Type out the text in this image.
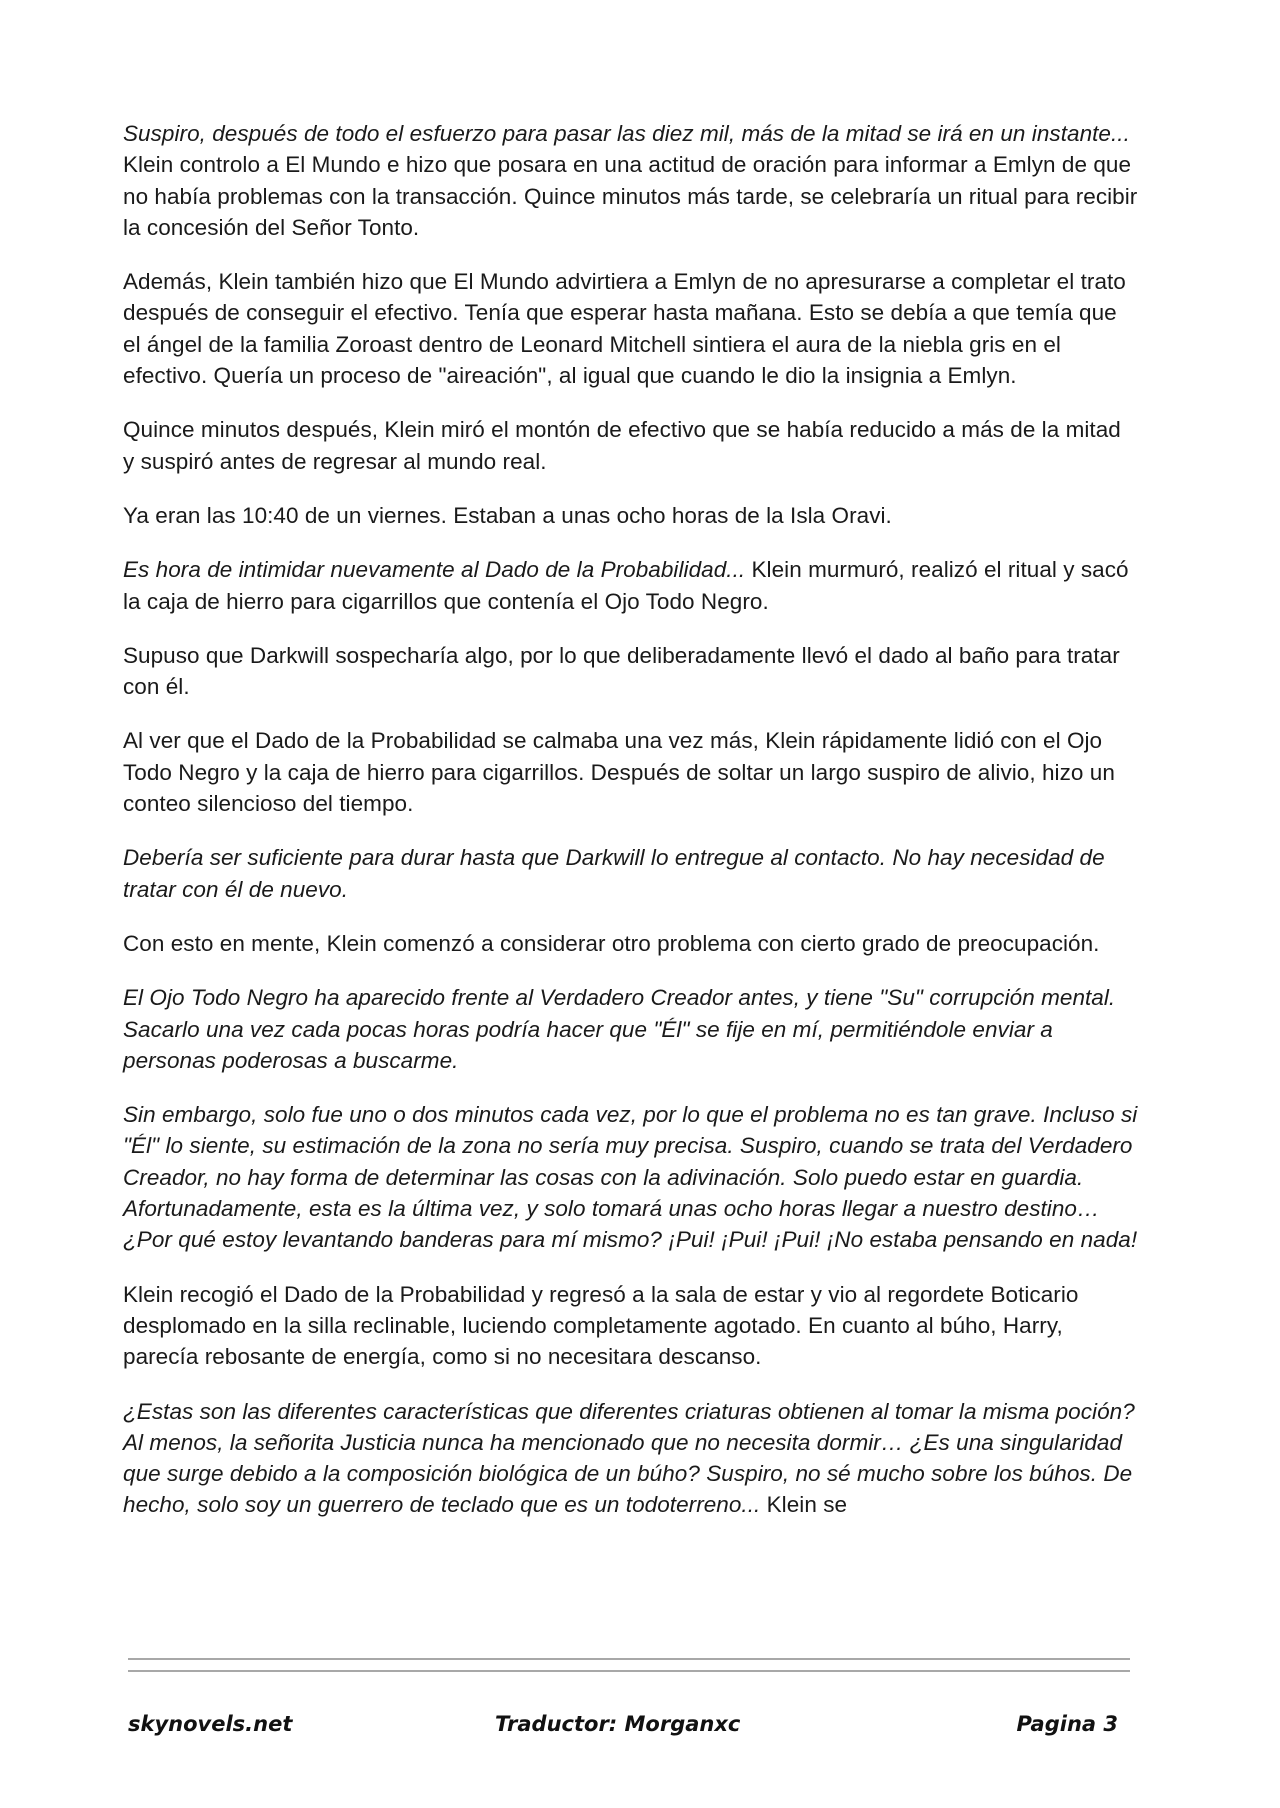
Suspiro, después de todo el esfuerzo para pasar las diez mil, más de la mitad se irá en un instante... Klein controlo a El Mundo e hizo que posara en una actitud de oración para informar a Emlyn de que no había problemas con la transacción. Quince minutos más tarde, se celebraría un ritual para recibir la concesión del Señor Tonto.

Además, Klein también hizo que El Mundo advirtiera a Emlyn de no apresurarse a completar el trato después de conseguir el efectivo. Tenía que esperar hasta mañana. Esto se debía a que temía que el ángel de la familia Zoroast dentro de Leonard Mitchell sintiera el aura de la niebla gris en el efectivo. Quería un proceso de "aireación", al igual que cuando le dio la insignia a Emlyn.

Quince minutos después, Klein miró el montón de efectivo que se había reducido a más de la mitad y suspiró antes de regresar al mundo real.

Ya eran las 10:40 de un viernes. Estaban a unas ocho horas de la Isla Oravi.

Es hora de intimidar nuevamente al Dado de la Probabilidad... Klein murmuró, realizó el ritual y sacó la caja de hierro para cigarrillos que contenía el Ojo Todo Negro.

Supuso que Darkwill sospecharía algo, por lo que deliberadamente llevó el dado al baño para tratar con él.

Al ver que el Dado de la Probabilidad se calmaba una vez más, Klein rápidamente lidió con el Ojo Todo Negro y la caja de hierro para cigarrillos. Después de soltar un largo suspiro de alivio, hizo un conteo silencioso del tiempo.

Debería ser suficiente para durar hasta que Darkwill lo entregue al contacto. No hay necesidad de tratar con él de nuevo.

Con esto en mente, Klein comenzó a considerar otro problema con cierto grado de preocupación.

El Ojo Todo Negro ha aparecido frente al Verdadero Creador antes, y tiene "Su" corrupción mental. Sacarlo una vez cada pocas horas podría hacer que "Él" se fije en mí, permitiéndole enviar a personas poderosas a buscarme.

Sin embargo, solo fue uno o dos minutos cada vez, por lo que el problema no es tan grave. Incluso si "Él" lo siente, su estimación de la zona no sería muy precisa. Suspiro, cuando se trata del Verdadero Creador, no hay forma de determinar las cosas con la adivinación. Solo puedo estar en guardia. Afortunadamente, esta es la última vez, y solo tomará unas ocho horas llegar a nuestro destino… ¿Por qué estoy levantando banderas para mí mismo? ¡Pui! ¡Pui! ¡Pui! ¡No estaba pensando en nada!

Klein recogió el Dado de la Probabilidad y regresó a la sala de estar y vio al regordete Boticario desplomado en la silla reclinable, luciendo completamente agotado. En cuanto al búho, Harry, parecía rebosante de energía, como si no necesitara descanso.

¿Estas son las diferentes características que diferentes criaturas obtienen al tomar la misma poción? Al menos, la señorita Justicia nunca ha mencionado que no necesita dormir… ¿Es una singularidad que surge debido a la composición biológica de un búho? Suspiro, no sé mucho sobre los búhos. De hecho, solo soy un guerrero de teclado que es un todoterreno... Klein se

skynovels.net	Traductor: Morganxc	Pagina 3
